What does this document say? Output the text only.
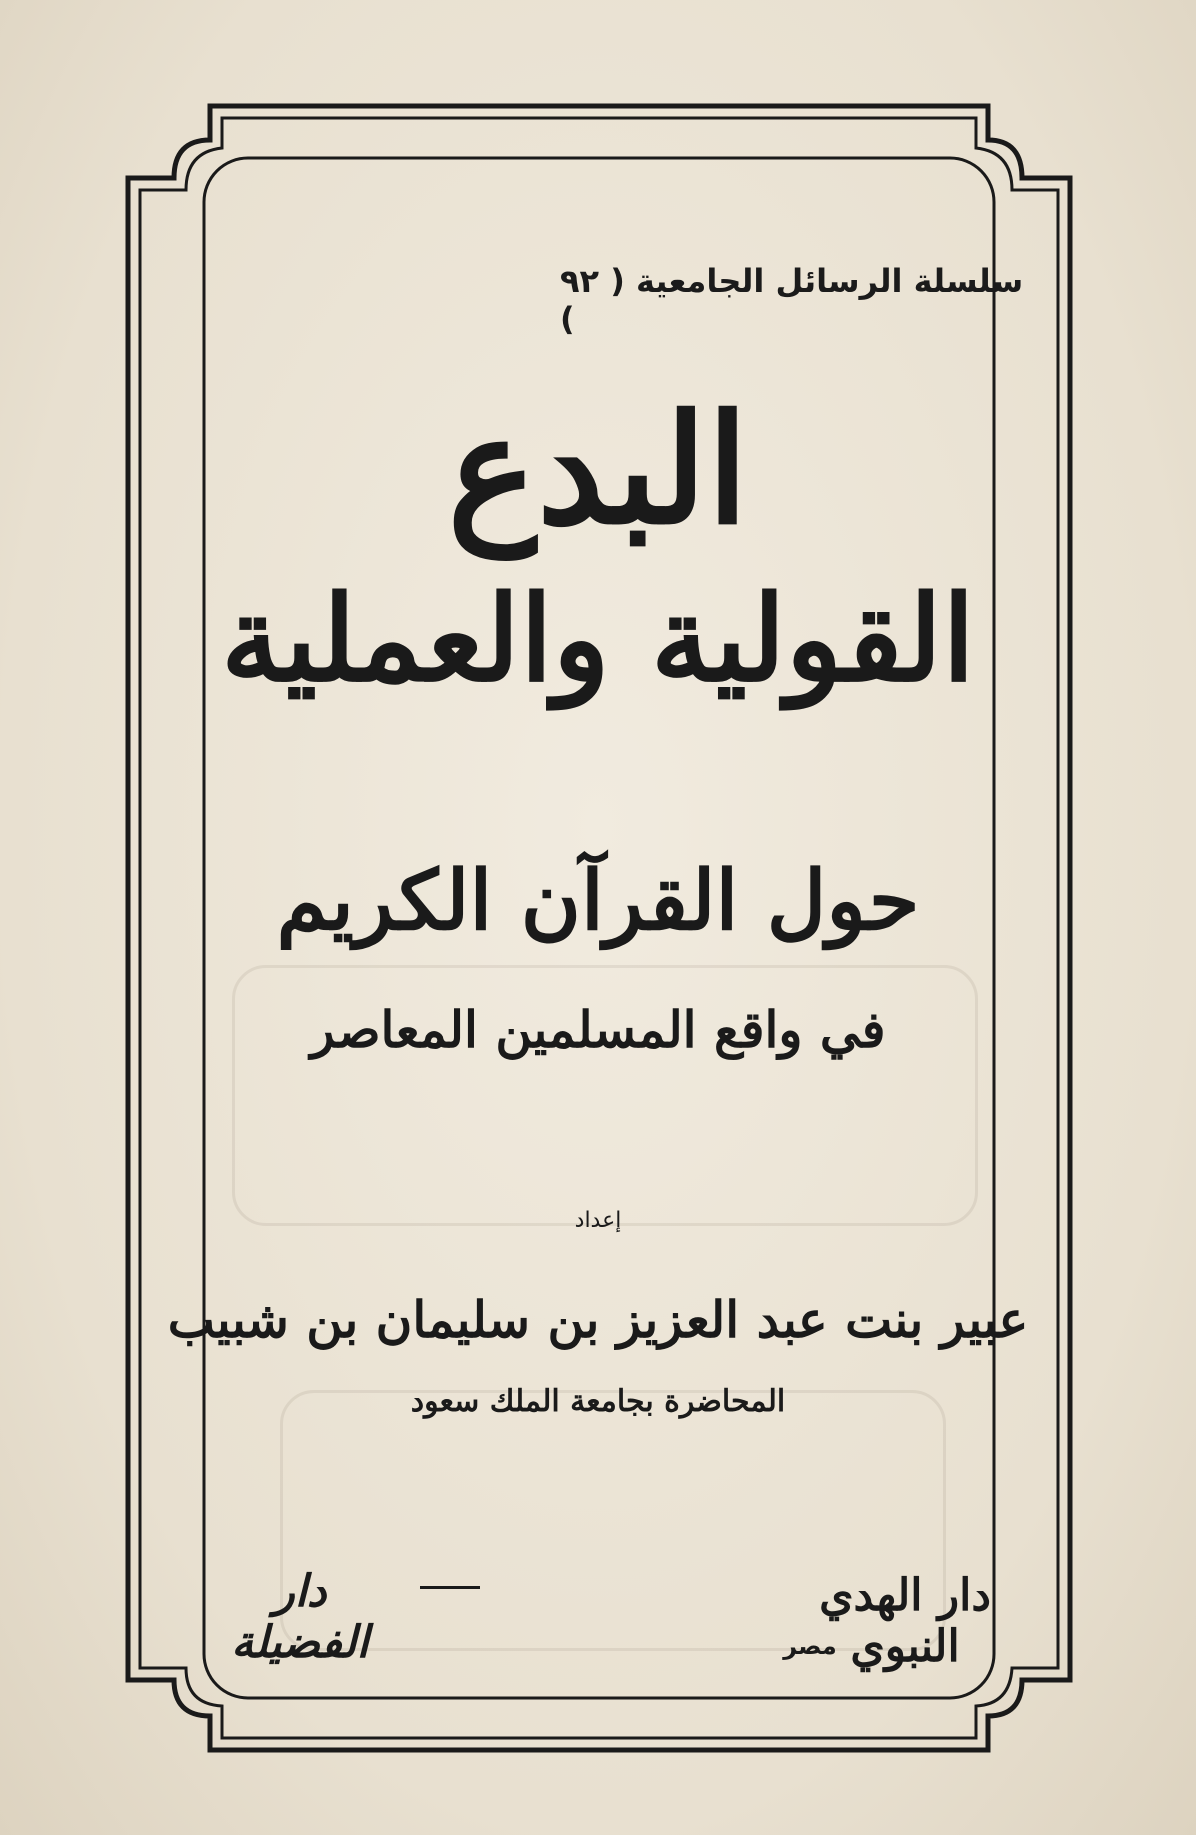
سلسلة الرسائل الجامعية ( ٩٢ )
البدع
القولية والعملية
حول القرآن الكريم
في واقع المسلمين المعاصر
إعداد
عبير بنت عبد العزيز بن سليمان بن شبيب
المحاضرة بجامعة الملك سعود
دار الهدي النبوي
مصر
دار الفضيلة
